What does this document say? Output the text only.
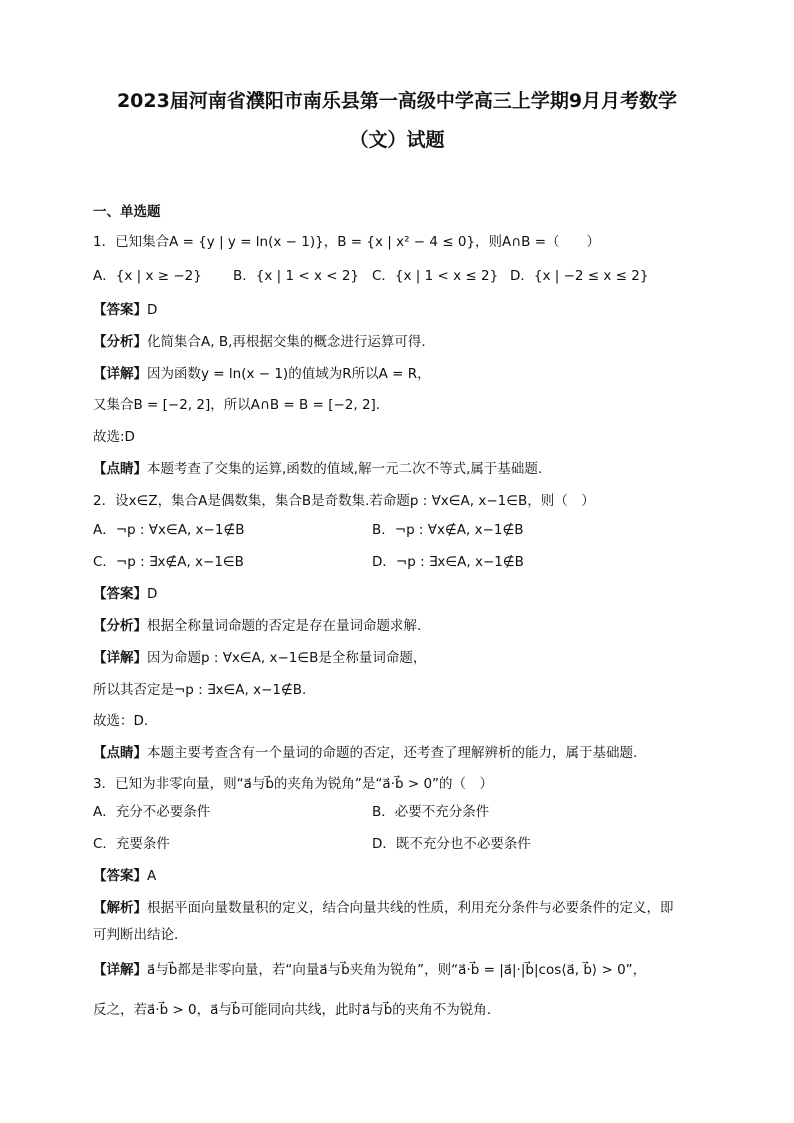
2023届河南省濮阳市南乐县第一高级中学高三上学期9月月考数学
（文）试题
一、单选题
1．已知集合A = {y | y = ln(x − 1)}，B = {x | x² − 4 ≤ 0}，则A∩B =（　　）
A．{x | x ≥ −2} B．{x | 1 < x < 2} C．{x | 1 < x ≤ 2} D．{x | −2 ≤ x ≤ 2}
【答案】D
【分析】化简集合A, B,再根据交集的概念进行运算可得.
【详解】因为函数y = ln(x − 1)的值域为R所以A = R，
又集合B = [−2, 2]，所以A∩B = B = [−2, 2].
故选:D
【点睛】本题考查了交集的运算,函数的值域,解一元二次不等式,属于基础题.
2．设x∈Z，集合A是偶数集，集合B是奇数集.若命题p : ∀x∈A, x−1∈B，则（　）
A．¬p : ∀x∈A, x−1∉B	B．¬p : ∀x∉A, x−1∉B
C．¬p : ∃x∉A, x−1∈B	D．¬p : ∃x∈A, x−1∉B
【答案】D
【分析】根据全称量词命题的否定是存在量词命题求解.
【详解】因为命题p : ∀x∈A, x−1∈B是全称量词命题，
所以其否定是¬p : ∃x∈A, x−1∉B.
故选：D.
【点睛】本题主要考查含有一个量词的命题的否定，还考查了理解辨析的能力，属于基础题.
3．已知为非零向量，则“a⃗与b⃗的夹角为锐角”是“a⃗·b⃗ > 0”的（　）
A．充分不必要条件	B．必要不充分条件
C．充要条件	D．既不充分也不必要条件
【答案】A
【解析】根据平面向量数量积的定义，结合向量共线的性质，利用充分条件与必要条件的定义，即
可判断出结论.
【详解】a⃗与b⃗都是非零向量，若“向量a⃗与b⃗夹角为锐角”，则“a⃗·b⃗ = |a⃗|·|b⃗|cos⟨a⃗, b⃗⟩ > 0”，
反之，若a⃗·b⃗ > 0，a⃗与b⃗可能同向共线，此时a⃗与b⃗的夹角不为锐角.
